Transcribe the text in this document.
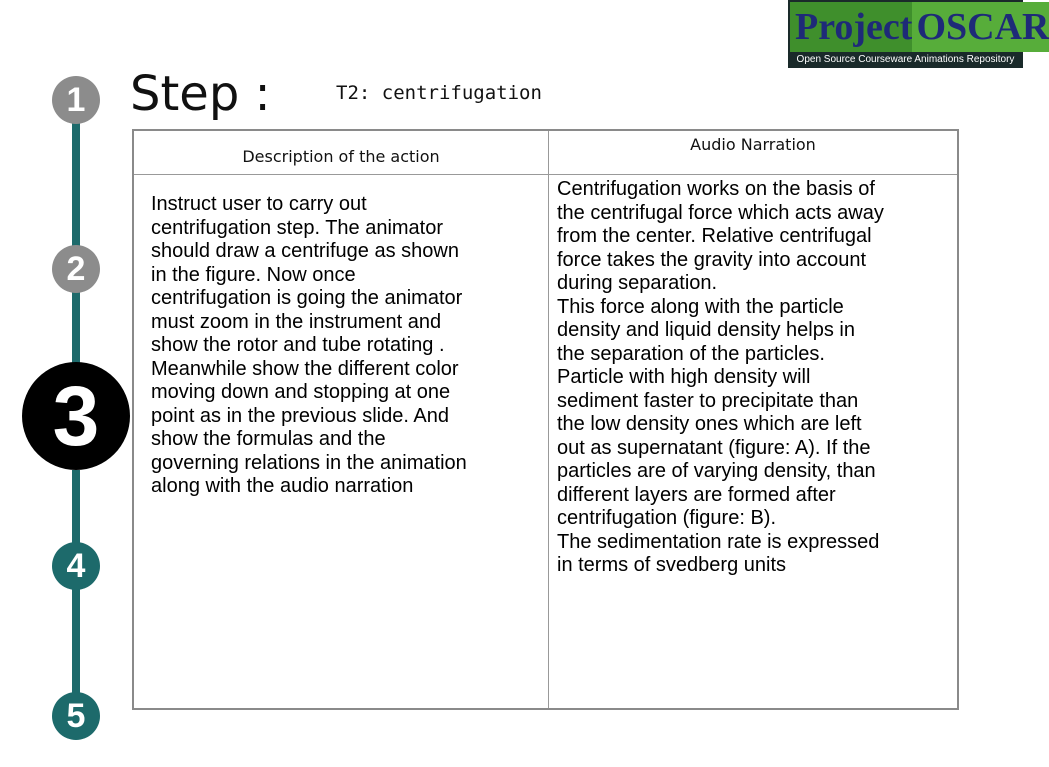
1
2
3
4
5
Step :	T2: centrifugation
Project OSCAR
Open Source Courseware Animations Repository
Description of the action
Audio Narration
Instruct user to carry out
centrifugation step. The animator
should draw a centrifuge as shown
in the figure. Now once
centrifugation is going the animator
must zoom in the instrument and
show the rotor and tube rotating .
Meanwhile show the different color
moving down and stopping at one
point as in the previous slide. And
show the formulas and the
governing relations in the animation
along with the audio narration
Centrifugation works on the basis of
the centrifugal force which acts away
from the center. Relative centrifugal
force takes the gravity into account
during separation.
This force along with the particle
density and liquid density helps in
the separation of the particles.
Particle with high density will
sediment faster to precipitate than
the low density ones which are left
out as supernatant (figure: A). If the
particles are of varying density, than
different layers are formed after
centrifugation (figure: B).
The sedimentation rate is expressed
in terms of svedberg units
